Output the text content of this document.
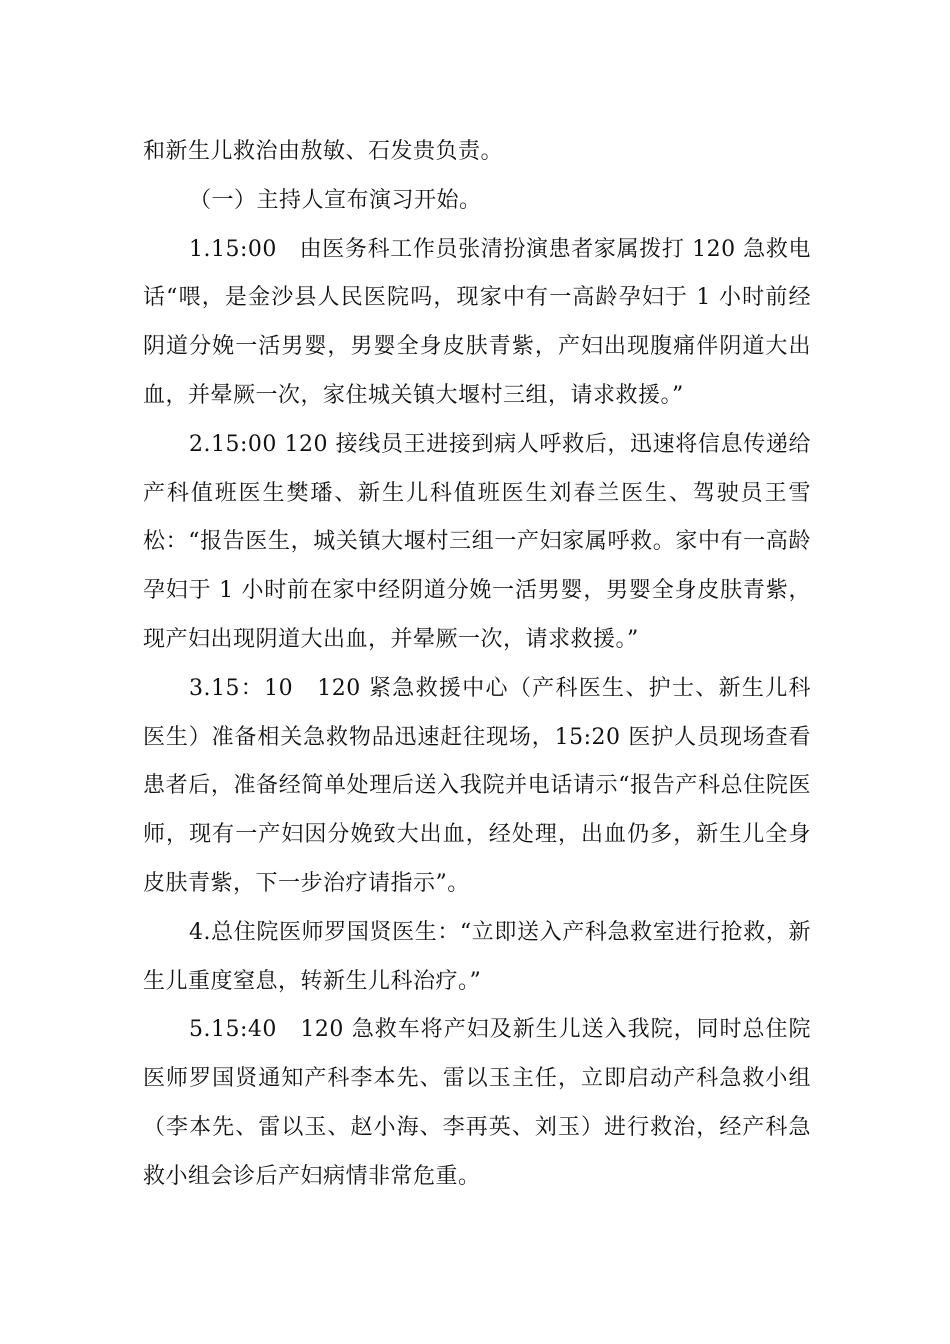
和新生儿救治由敖敏、石发贵负责。

（一）主持人宣布演习开始。

1.15:00　由医务科工作员张清扮演患者家属拨打 120 急救电话“喂，是金沙县人民医院吗，现家中有一高龄孕妇于 1 小时前经阴道分娩一活男婴，男婴全身皮肤青紫，产妇出现腹痛伴阴道大出血，并晕厥一次，家住城关镇大堰村三组，请求救援。”

2.15:00 120 接线员王进接到病人呼救后，迅速将信息传递给产科值班医生樊璠、新生儿科值班医生刘春兰医生、驾驶员王雪松：“报告医生，城关镇大堰村三组一产妇家属呼救。家中有一高龄孕妇于 1 小时前在家中经阴道分娩一活男婴，男婴全身皮肤青紫，现产妇出现阴道大出血，并晕厥一次，请求救援。”

3.15：10　120 紧急救援中心（产科医生、护士、新生儿科医生）准备相关急救物品迅速赶往现场，15:20 医护人员现场查看患者后，准备经简单处理后送入我院并电话请示“报告产科总住院医师，现有一产妇因分娩致大出血，经处理，出血仍多，新生儿全身皮肤青紫，下一步治疗请指示”。

4.总住院医师罗国贤医生：“立即送入产科急救室进行抢救，新生儿重度窒息，转新生儿科治疗。”

5.15:40　120 急救车将产妇及新生儿送入我院，同时总住院医师罗国贤通知产科李本先、雷以玉主任，立即启动产科急救小组（李本先、雷以玉、赵小海、李再英、刘玉）进行救治，经产科急救小组会诊后产妇病情非常危重。
